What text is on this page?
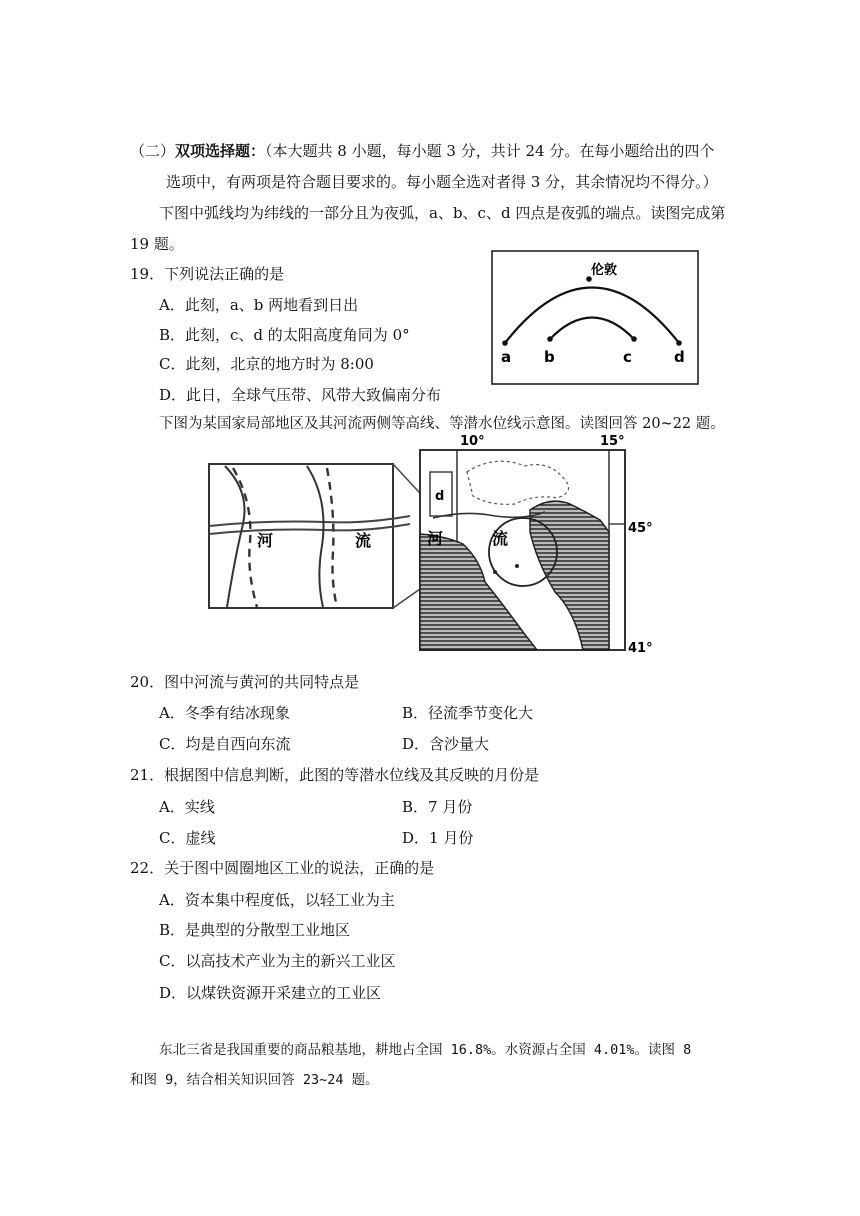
（二）双项选择题：（本大题共 8 小题，每小题 3 分，共计 24 分。在每小题给出的四个
选项中，有两项是符合题目要求的。每小题全选对者得 3 分，其余情况均不得分。）
下图中弧线均为纬线的一部分且为夜弧，a、b、c、d 四点是夜弧的端点。读图完成第
19 题。
19．下列说法正确的是
A．此刻，a、b 两地看到日出
B．此刻，c、d 的太阳高度角同为 0°
C．此刻，北京的地方时为 8:00
D．此日，全球气压带、风带大致偏南分布
伦敦
a b	c	d
下图为某国家局部地区及其河流两侧等高线、等潜水位线示意图。读图回答 20~22 题。
河	流
d
河	流
10°	15°
45°
41°
20．图中河流与黄河的共同特点是
A．冬季有结冰现象	B．径流季节变化大
C．均是自西向东流	D．含沙量大
21．根据图中信息判断，此图的等潜水位线及其反映的月份是
A．实线	B．7 月份
C．虚线	D．1 月份
22．关于图中圆圈地区工业的说法，正确的是
A．资本集中程度低，以轻工业为主
B．是典型的分散型工业地区
C．以高技术产业为主的新兴工业区
D．以煤铁资源开采建立的工业区
东北三省是我国重要的商品粮基地，耕地占全国 16.8%。水资源占全国 4.01%。读图 8
和图 9，结合相关知识回答 23~24 题。
